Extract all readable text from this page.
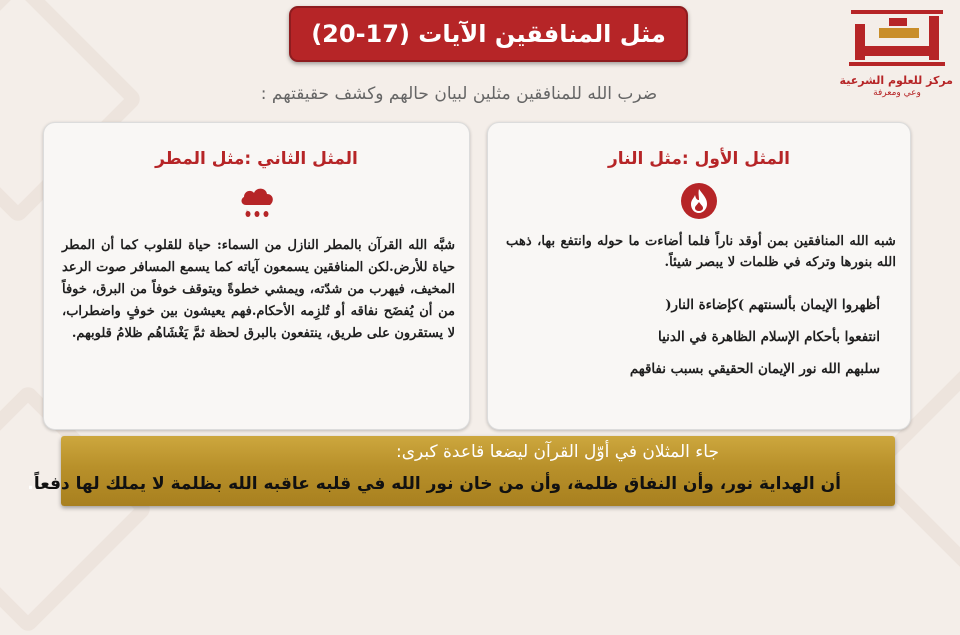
مثل المنافقين الآيات (17-20)	إحكام
مركز للعلوم الشرعية
وعي ومعرفة
ضرب الله للمنافقين مثلين لبيان حالهم وكشف حقيقتهم :
المثل الأول :مثل النار
شبه الله المنافقين بمن أوقد ناراً فلما أضاءت ما حوله وانتفع بها، ذهب الله بنورها وتركه في ظلمات لا يبصر شيئاً.
أظهروا الإيمان بألسنتهم )كإضاءة النار(
انتفعوا بأحكام الإسلام الظاهرة في الدنيا
سلبهم الله نور الإيمان الحقيقي بسبب نفاقهم
المثل الثاني :مثل المطر
شبَّه الله القرآن بالمطر النازل من السماء: حياة للقلوب كما أن المطر حياة للأرض.لكن المنافقين يسمعون آياته كما يسمع المسافر صوت الرعد المخيف، فيهرب من شدّته، ويمشي خطوةً ويتوقف خوفاً من البرق، خوفاً من أن يُفضَح نفاقه أو تُلزِمه الأحكام.فهم يعيشون بين خوفٍ واضطراب، لا يستقرون على طريق، ينتفعون بالبرق لحظة ثمَّ يَغْشَاهُم ظلامُ قلوبهم.
جاء المثلان في أوّل القرآن ليضعا قاعدة كبرى:
أن الهداية نور، وأن النفاق ظلمة، وأن من خان نور الله في قلبه عاقبه الله بظلمة لا يملك لها دفعاً.
